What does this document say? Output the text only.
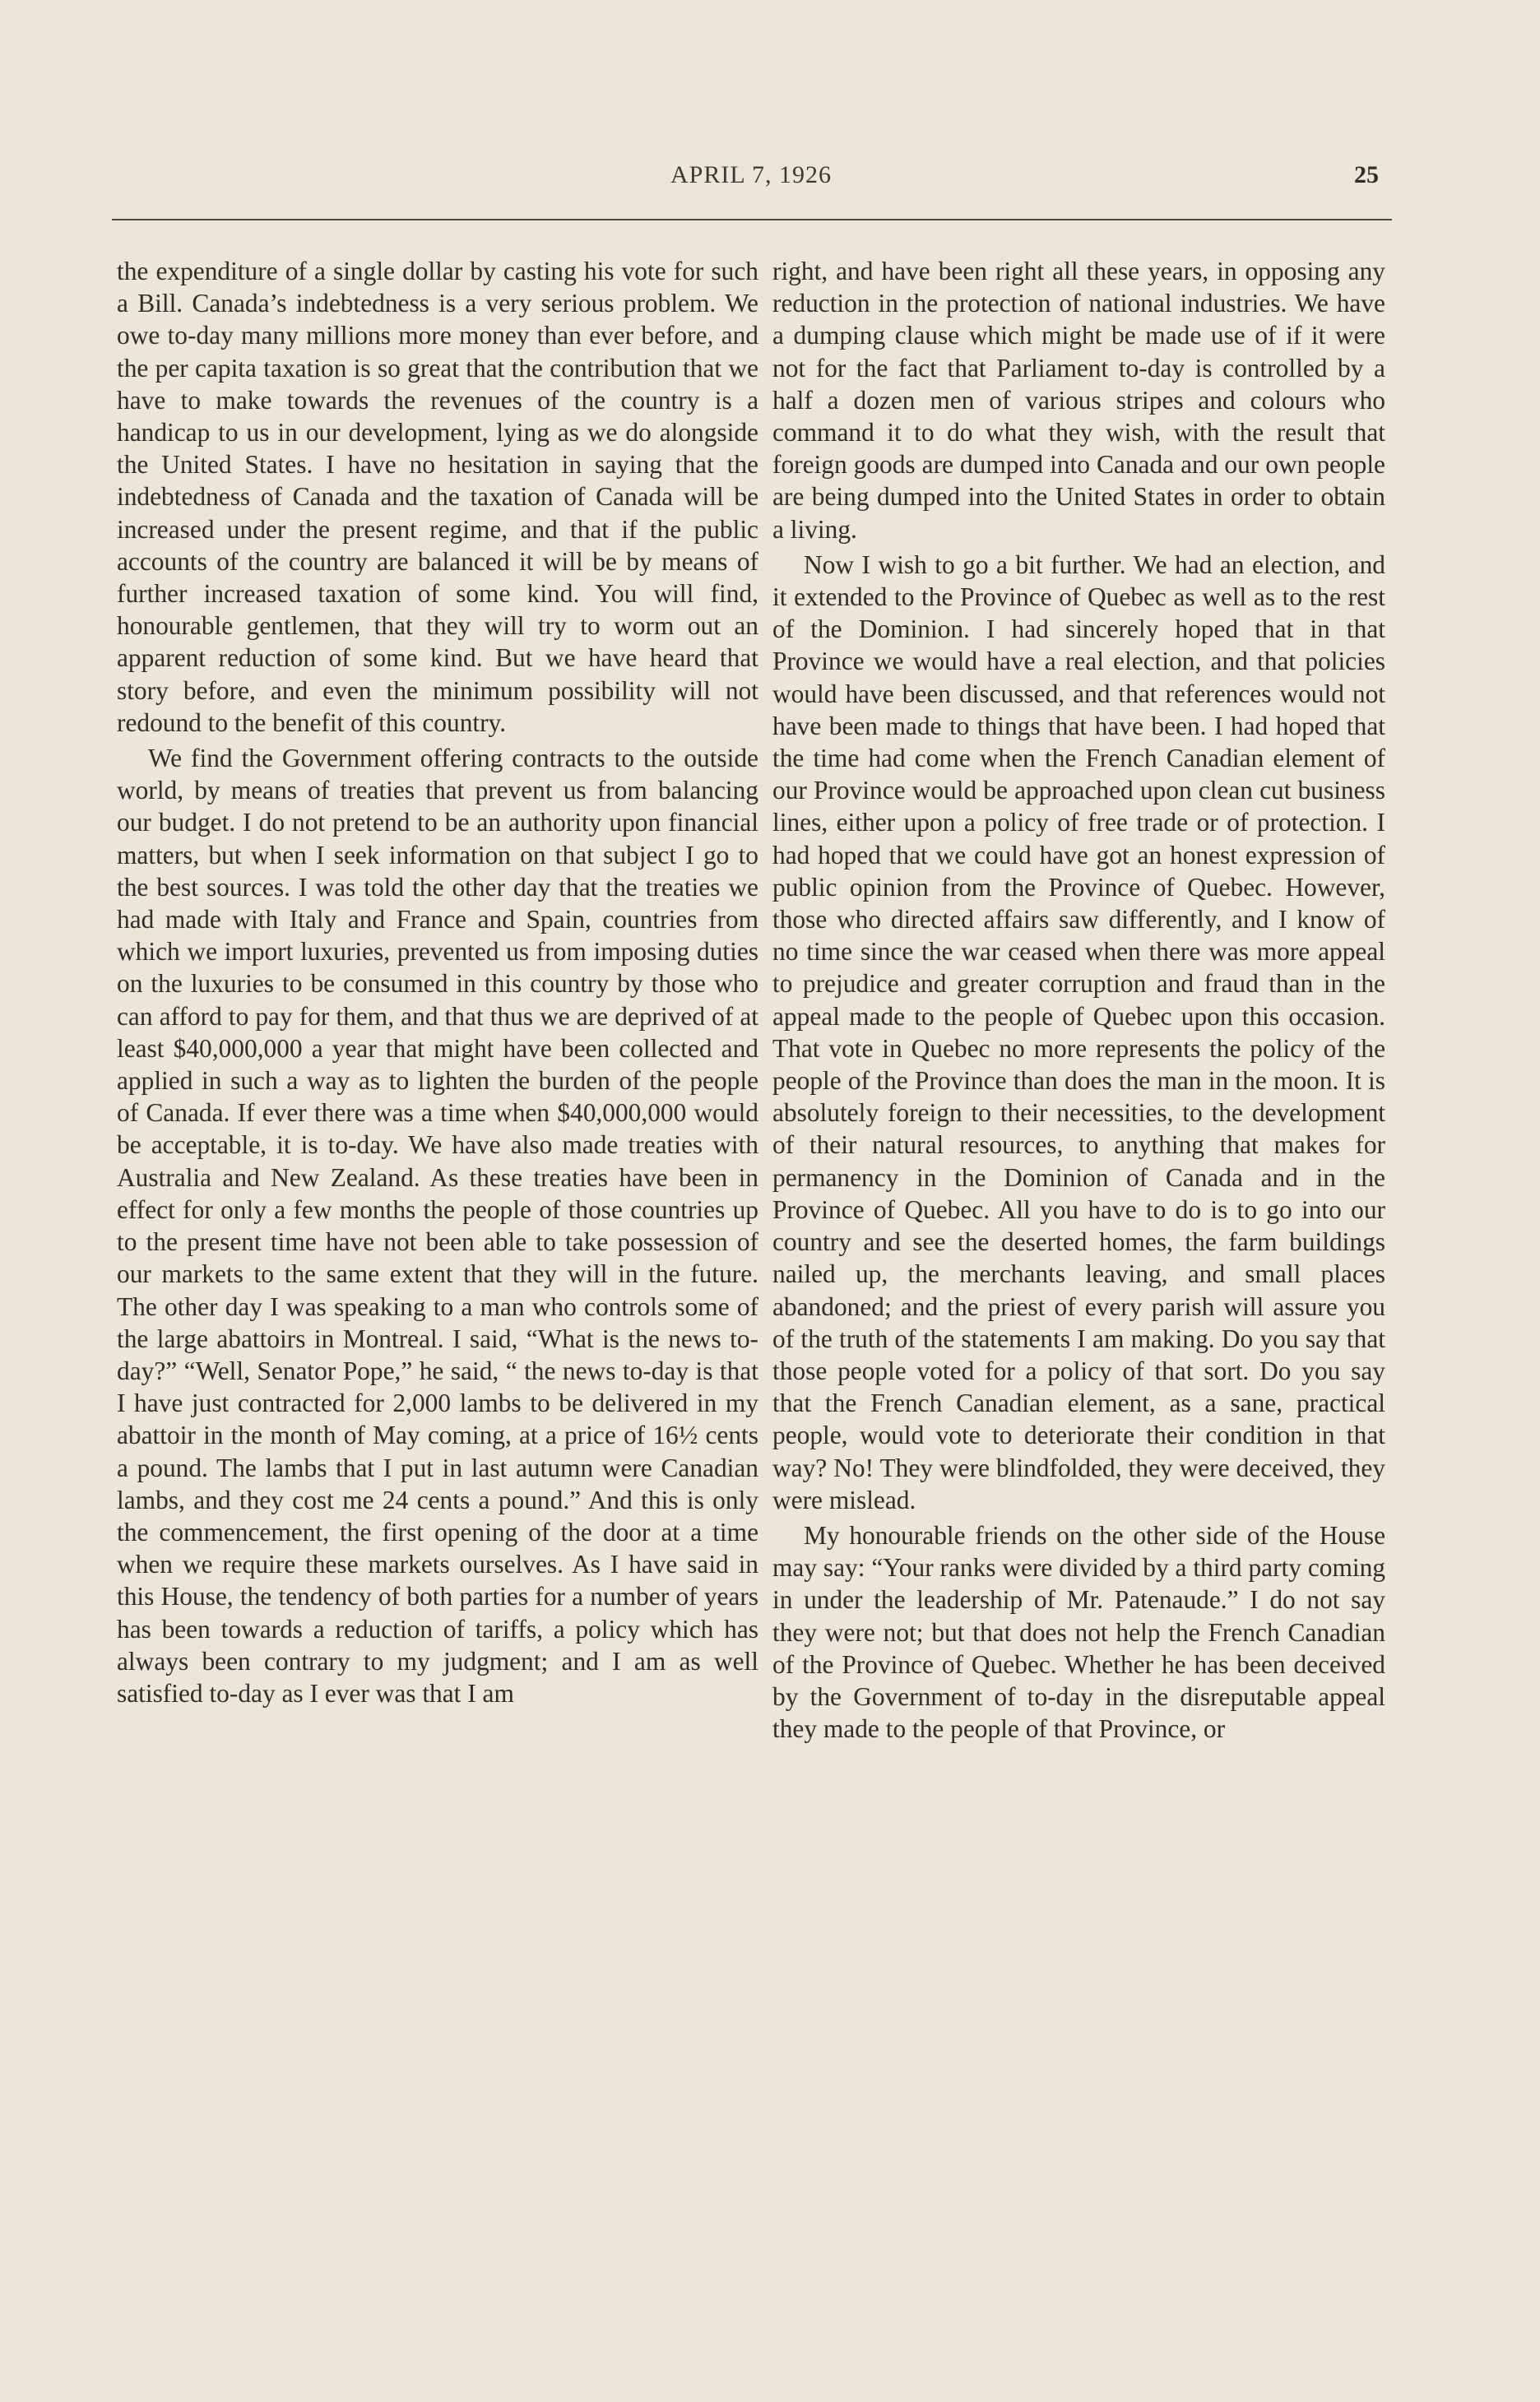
APRIL 7, 1926	25

the expenditure of a single dollar by casting his vote for such a Bill. Canada’s indebtedness is a very serious problem. We owe to-day many millions more money than ever before, and the per capita taxation is so great that the contribution that we have to make towards the revenues of the country is a handicap to us in our development, lying as we do alongside the United States. I have no hesitation in saying that the indebtedness of Canada and the taxation of Canada will be increased under the present regime, and that if the public accounts of the country are balanced it will be by means of further increased taxation of some kind. You will find, honourable gentlemen, that they will try to worm out an apparent reduction of some kind. But we have heard that story before, and even the minimum possibility will not redound to the benefit of this country.

We find the Government offering contracts to the outside world, by means of treaties that prevent us from balancing our budget. I do not pretend to be an authority upon financial matters, but when I seek information on that subject I go to the best sources. I was told the other day that the treaties we had made with Italy and France and Spain, countries from which we import luxuries, prevented us from imposing duties on the luxuries to be consumed in this country by those who can afford to pay for them, and that thus we are deprived of at least $40,000,000 a year that might have been collected and applied in such a way as to lighten the burden of the people of Canada. If ever there was a time when $40,000,000 would be acceptable, it is to-day. We have also made treaties with Australia and New Zealand. As these treaties have been in effect for only a few months the people of those countries up to the present time have not been able to take possession of our markets to the same extent that they will in the future. The other day I was speaking to a man who controls some of the large abattoirs in Montreal. I said, “What is the news to-day?” “Well, Senator Pope,” he said, “ the news to-day is that I have just contracted for 2,000 lambs to be delivered in my abattoir in the month of May coming, at a price of 16½ cents a pound. The lambs that I put in last autumn were Canadian lambs, and they cost me 24 cents a pound.” And this is only the commencement, the first opening of the door at a time when we require these markets ourselves. As I have said in this House, the tendency of both parties for a number of years has been towards a reduction of tariffs, a policy which has always been contrary to my judgment; and I am as well satisfied to-day as I ever was that I am

right, and have been right all these years, in opposing any reduction in the protection of national industries. We have a dumping clause which might be made use of if it were not for the fact that Parliament to-day is controlled by a half a dozen men of various stripes and colours who command it to do what they wish, with the result that foreign goods are dumped into Canada and our own people are being dumped into the United States in order to obtain a living.

Now I wish to go a bit further. We had an election, and it extended to the Province of Quebec as well as to the rest of the Dominion. I had sincerely hoped that in that Province we would have a real election, and that policies would have been discussed, and that references would not have been made to things that have been. I had hoped that the time had come when the French Canadian element of our Province would be approached upon clean cut business lines, either upon a policy of free trade or of protection. I had hoped that we could have got an honest expression of public opinion from the Province of Quebec. However, those who directed affairs saw differently, and I know of no time since the war ceased when there was more appeal to prejudice and greater corruption and fraud than in the appeal made to the people of Quebec upon this occasion. That vote in Quebec no more represents the policy of the people of the Province than does the man in the moon. It is absolutely foreign to their necessities, to the development of their natural resources, to anything that makes for permanency in the Dominion of Canada and in the Province of Quebec. All you have to do is to go into our country and see the deserted homes, the farm buildings nailed up, the merchants leaving, and small places abandoned; and the priest of every parish will assure you of the truth of the statements I am making. Do you say that those people voted for a policy of that sort. Do you say that the French Canadian element, as a sane, practical people, would vote to deteriorate their condition in that way? No! They were blindfolded, they were deceived, they were mislead.

My honourable friends on the other side of the House may say: “Your ranks were divided by a third party coming in under the leadership of Mr. Patenaude.” I do not say they were not; but that does not help the French Canadian of the Province of Quebec. Whether he has been deceived by the Government of to-day in the disreputable appeal they made to the people of that Province, or
